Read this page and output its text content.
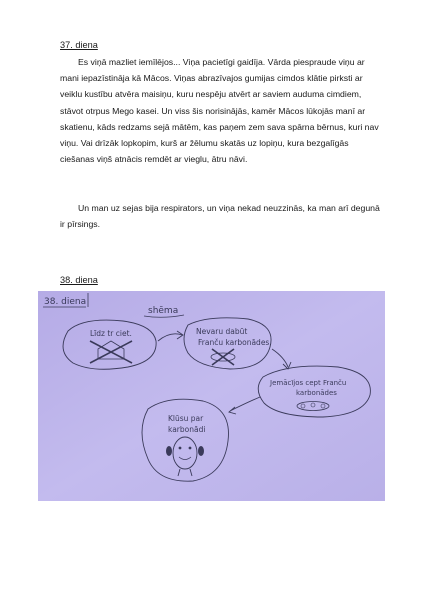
37. diena

Es viņā mazliet iemīlējos... Viņa pacietīgi gaidīja. Vārda piespraude viņu ar mani iepazīstināja kā Mācos. Viņas abrazīvajos gumijas cimdos klātie pirksti ar veiklu kustību atvēra maisiņu, kuru nespēju atvērt ar saviem auduma cimdiem, stāvot otrpus Mego kasei. Un viss šis norisinājās, kamēr Mācos lūkojās manī ar skatienu, kāds redzams sejā mātēm, kas paņem zem sava spārna bērnus, kuri nav viņu. Vai drīzāk lopkopim, kurš ar žēlumu skatās uz lopiņu, kura bezgalīgās ciešanas viņš atnācis remdēt ar vieglu, ātru nāvi.

Un man uz sejas bija respirators, un viņa nekad neuzzinās, ka man arī degunā ir pīrsings.

38. diena
38. diena
shēma
Līdz tr ciet.	Nevaru dabūt
Franču karbonādes.
Jemācījos cept Franču
karbonādes
Klūsu par
karbonādi
